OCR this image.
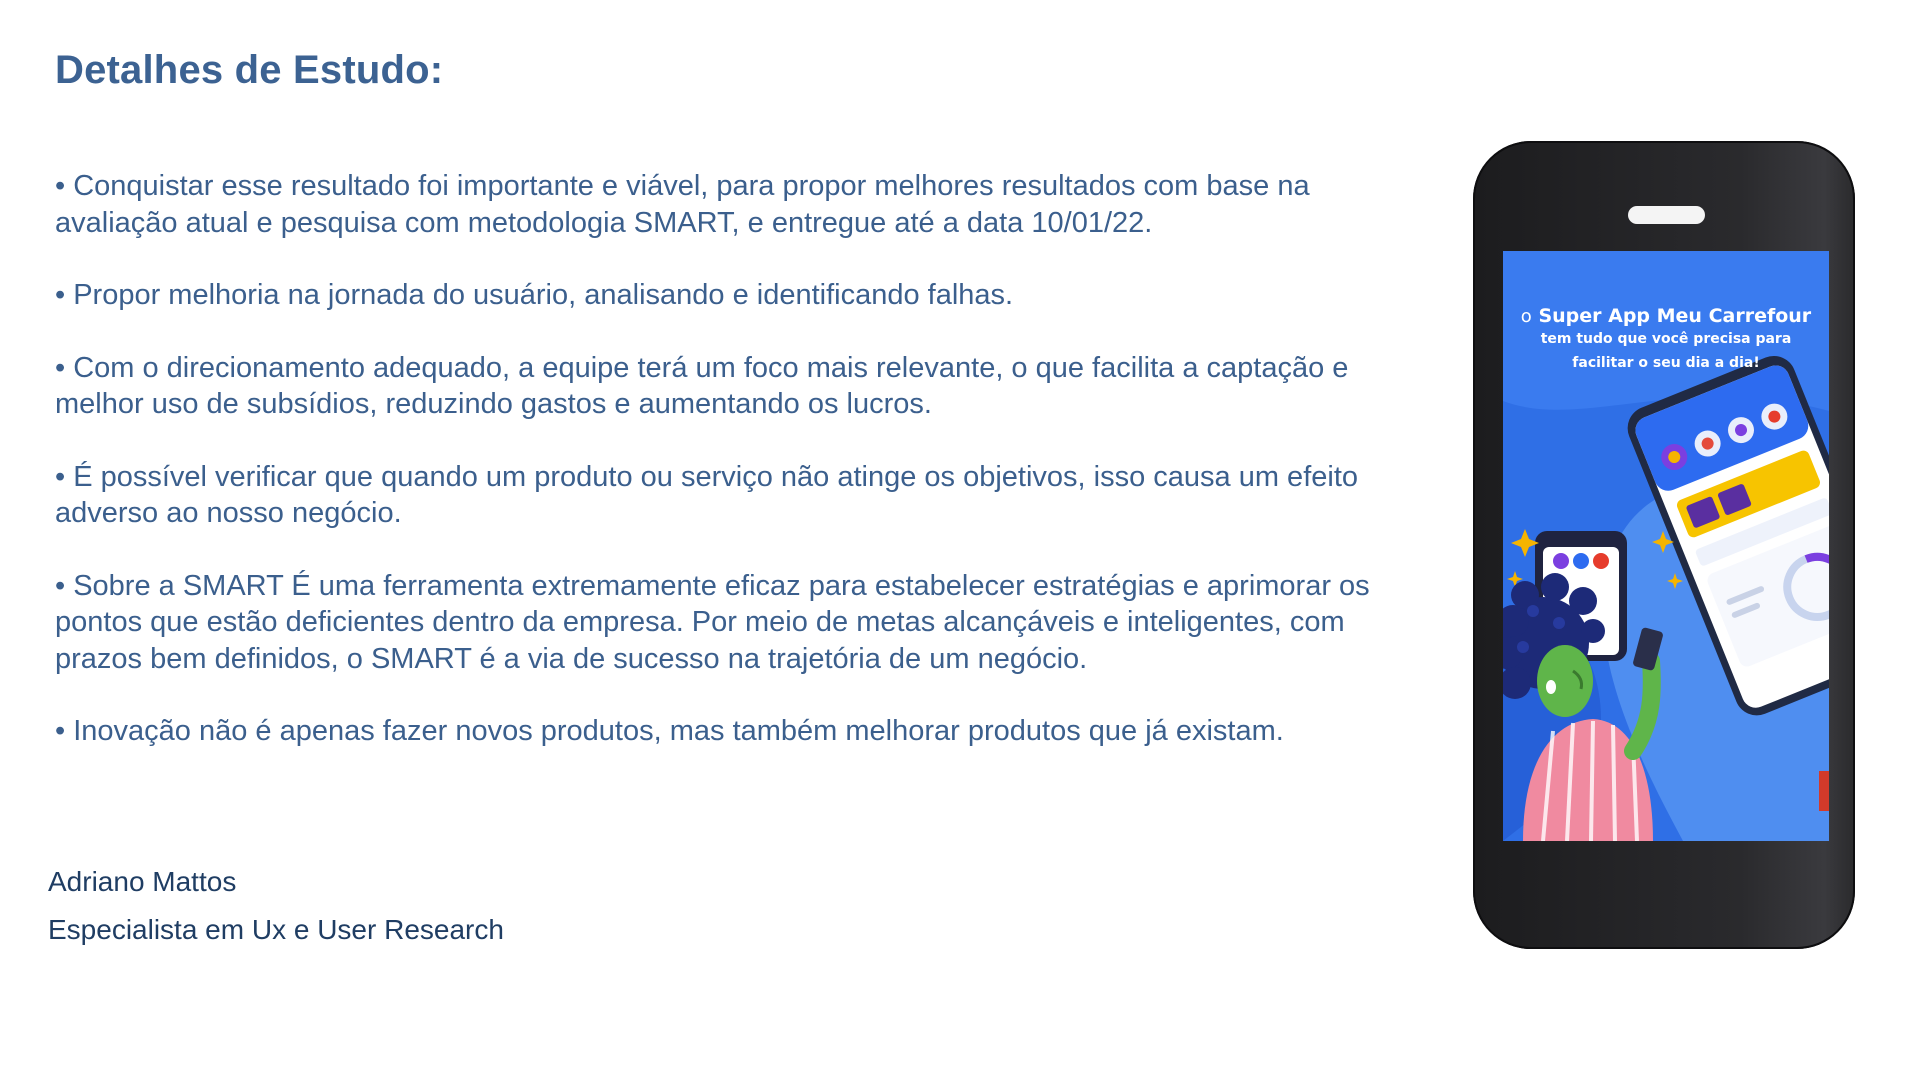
Detalhes de Estudo:
• Conquistar esse resultado foi importante e viável, para propor melhores resultados com base na avaliação atual e pesquisa com metodologia SMART, e entregue até a data 10/01/22.
• Propor melhoria na jornada do usuário, analisando e identificando falhas.
• Com o direcionamento adequado, a equipe terá um foco mais relevante, o que facilita a captação e melhor uso de subsídios, reduzindo gastos e aumentando os lucros.
• É possível verificar que quando um produto ou serviço não atinge os objetivos, isso causa um efeito adverso ao nosso negócio.
• Sobre a SMART É uma ferramenta extremamente eficaz para estabelecer estratégias e aprimorar os pontos que estão deficientes dentro da empresa. Por meio de metas alcançáveis e inteligentes, com prazos bem definidos, o SMART é a via de sucesso na trajetória de um negócio.
• Inovação não é apenas fazer novos produtos, mas também melhorar produtos que já existam.
Adriano Mattos
Especialista em Ux e User Research
o Super App Meu Carrefour
tem tudo que você precisa para
facilitar o seu dia a dia!
